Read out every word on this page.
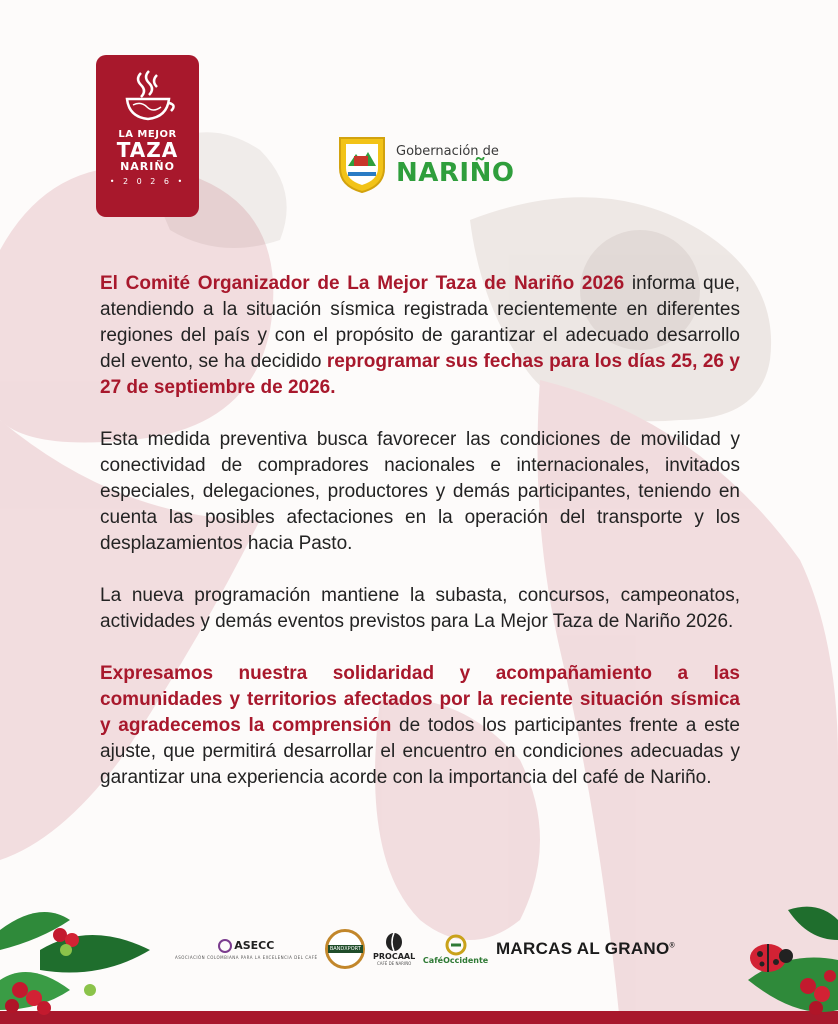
LA MEJOR
TAZA
NARIÑO
• 2 0 2 6 •
Gobernación de
NARIÑO

El Comité Organizador de La Mejor Taza de Nariño 2026 informa que, atendiendo a la situación sísmica registrada recientemente en diferentes regiones del país y con el propósito de garantizar el adecuado desarrollo del evento, se ha decidido reprogramar sus fechas para los días 25, 26 y 27 de septiembre de 2026.

Esta medida preventiva busca favorecer las condiciones de movilidad y conectividad de compradores nacionales e internacionales, invitados especiales, delegaciones, productores y demás participantes, teniendo en cuenta las posibles afectaciones en la operación del transporte y los desplazamientos hacia Pasto.

La nueva programación mantiene la subasta, concursos, campeonatos, actividades y demás eventos previstos para La Mejor Taza de Nariño 2026.

Expresamos nuestra solidaridad y acompañamiento a las comunidades y territorios afectados por la reciente situación sísmica y agradecemos la comprensión de todos los participantes frente a este ajuste, que permitirá desarrollar el encuentro en condiciones adecuadas y garantizar una experiencia acorde con la importancia del café de Nariño.

ASECC
ASOCIACIÓN COLOMBIANA PARA LA EXCELENCIA DEL CAFÉ
BANDXPORT
PROCAAL
CAFÉ DE NARIÑO CaféOccidente
MARCAS AL GRANO®
